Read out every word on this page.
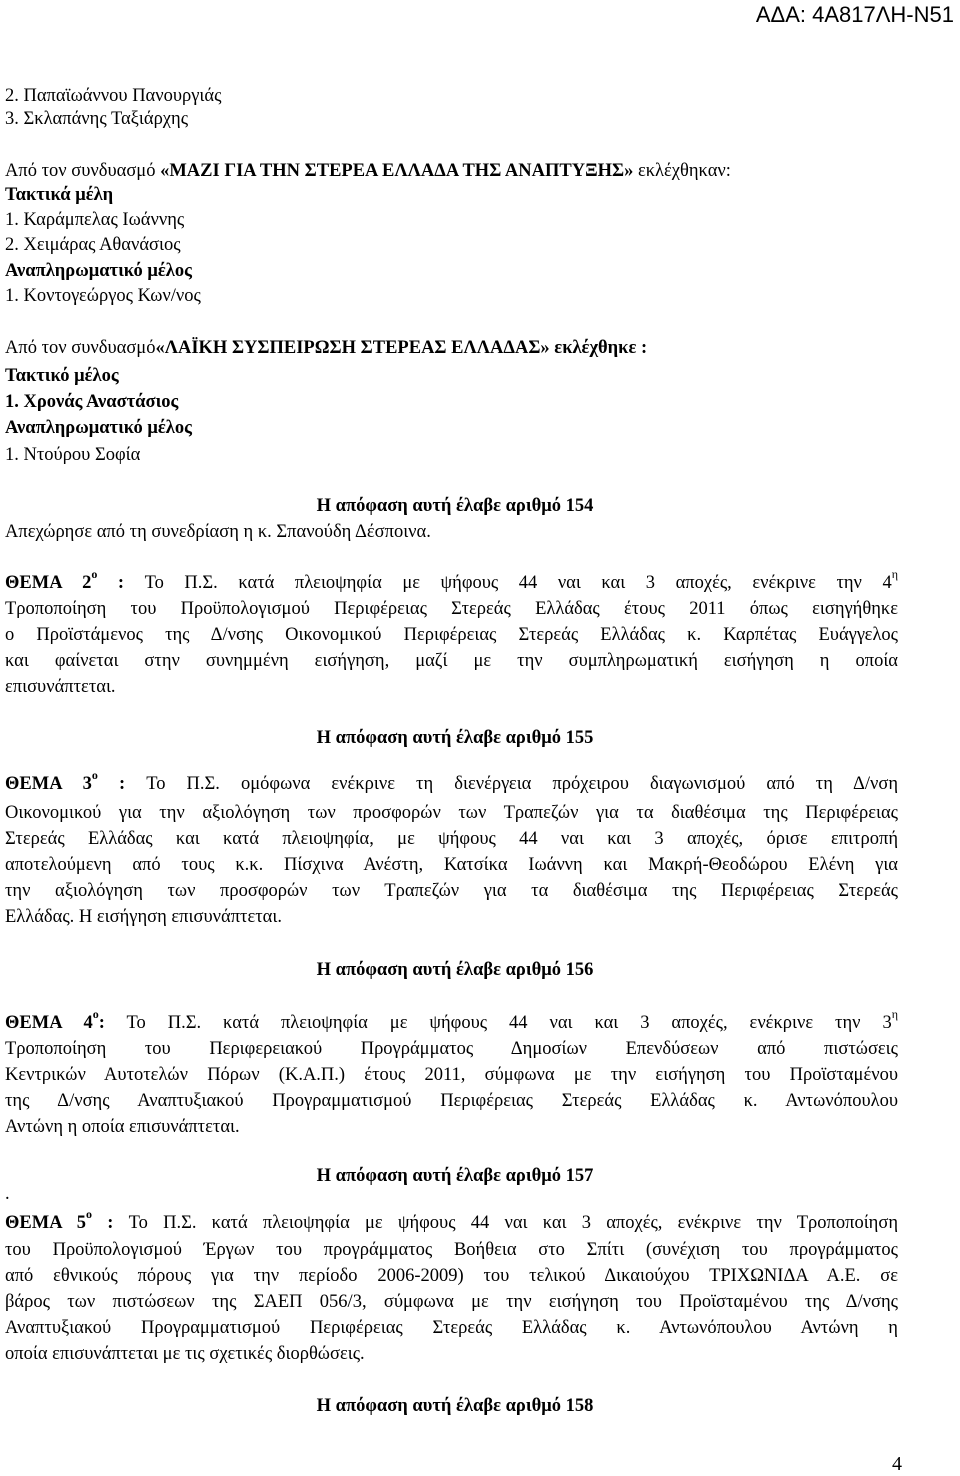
ΑΔΑ: 4Α817ΛΗ-Ν51
2. Παπαϊωάννου Πανουργιάς
3. Σκλαπάνης Ταξιάρχης
Από τον συνδυασμό «ΜΑΖΙ ΓΙΑ ΤΗΝ ΣΤΕΡΕΑ ΕΛΛΑΔΑ ΤΗΣ ΑΝΑΠΤΥΞΗΣ» εκλέχθηκαν:
Τακτικά μέλη
1. Καράμπελας Ιωάννης
2. Χειμάρας Αθανάσιος
Αναπληρωματικό μέλος
1. Κοντογεώργος Κων/νος
Από τον συνδυασμό«ΛΑΪΚΗ ΣΥΣΠΕΙΡΩΣΗ ΣΤΕΡΕΑΣ ΕΛΛΑΔΑΣ» εκλέχθηκε :
Τακτικό μέλος
1. Χρονάς Αναστάσιος
Αναπληρωματικό μέλος
1. Ντούρου Σοφία
Η απόφαση αυτή έλαβε αριθμό 154
Απεχώρησε από τη συνεδρίαση η κ. Σπανούδη Δέσποινα.
ΘΕΜΑ $2^o$ : Το Π.Σ. κατά πλειοψηφία με ψήφους 44 ναι και 3 αποχές, ενέκρινε την $4^\eta$
Τροποποίηση του Προϋπολογισμού Περιφέρειας Στερεάς Ελλάδας έτους 2011 όπως εισηγήθηκε
ο Προϊστάμενος της Δ/νσης Οικονομικού Περιφέρειας Στερεάς Ελλάδας κ. Καρπέτας Ευάγγελος
και φαίνεται στην συνημμένη εισήγηση, μαζί με την συμπληρωματική εισήγηση η οποία
επισυνάπτεται.
Η απόφαση αυτή έλαβε αριθμό 155
ΘΕΜΑ $3^o$ : Το Π.Σ. ομόφωνα ενέκρινε τη διενέργεια πρόχειρου διαγωνισμού από τη Δ/νση
Οικονομικού για την αξιολόγηση των προσφορών των Τραπεζών για τα διαθέσιμα της Περιφέρειας
Στερεάς Ελλάδας και κατά πλειοψηφία, με ψήφους 44 ναι και 3 αποχές, όρισε επιτροπή
αποτελούμενη από τους κ.κ. Πίσχινα Ανέστη, Κατσίκα Ιωάννη και Μακρή-Θεοδώρου Ελένη για
την αξιολόγηση των προσφορών των Τραπεζών για τα διαθέσιμα της Περιφέρειας Στερεάς
Ελλάδας. Η εισήγηση επισυνάπτεται.
Η απόφαση αυτή έλαβε αριθμό 156
ΘΕΜΑ $4^o$: Το Π.Σ. κατά πλειοψηφία με ψήφους 44 ναι και 3 αποχές, ενέκρινε την $3^\eta$
Τροποποίηση του Περιφερειακού Προγράμματος Δημοσίων Επενδύσεων από πιστώσεις
Κεντρικών Αυτοτελών Πόρων (Κ.Α.Π.) έτους 2011, σύμφωνα με την εισήγηση του Προϊσταμένου
της Δ/νσης Αναπτυξιακού Προγραμματισμού Περιφέρειας Στερεάς Ελλάδας κ. Αντωνόπουλου
Αντώνη η οποία επισυνάπτεται.
Η απόφαση αυτή έλαβε αριθμό 157
.
ΘΕΜΑ $5^o$ : Το Π.Σ. κατά πλειοψηφία με ψήφους 44 ναι και 3 αποχές, ενέκρινε την Τροποποίηση
του Προϋπολογισμού Έργων του προγράμματος Βοήθεια στο Σπίτι (συνέχιση του προγράμματος
από εθνικούς πόρους για την περίοδο 2006-2009) του τελικού Δικαιούχου ΤΡΙΧΩΝΙΔΑ Α.Ε. σε
βάρος των πιστώσεων της ΣΑΕΠ 056/3, σύμφωνα με την εισήγηση του Προϊσταμένου της Δ/νσης
Αναπτυξιακού Προγραμματισμού Περιφέρειας Στερεάς Ελλάδας κ. Αντωνόπουλου Αντώνη η
οποία επισυνάπτεται με τις σχετικές διορθώσεις.
Η απόφαση αυτή έλαβε αριθμό 158
4
